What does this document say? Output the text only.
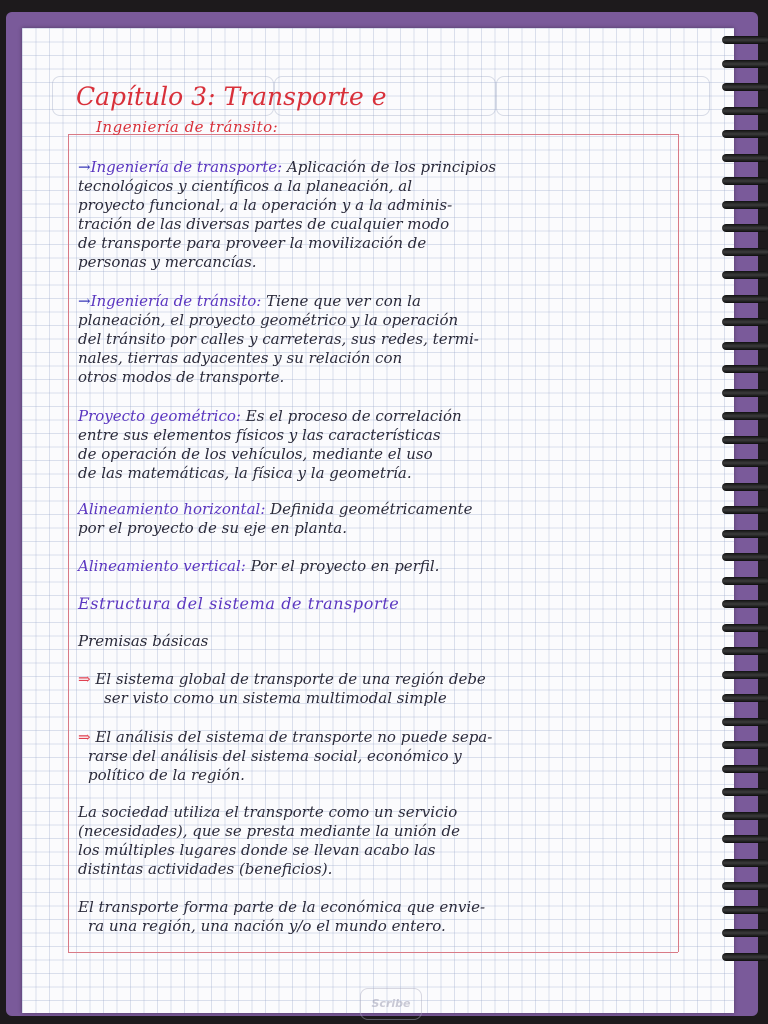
Scribe
Capítulo 3: Transporte e
Ingeniería de tránsito:
→Ingeniería de transporte: Aplicación de los principios
tecnológicos y científicos a la planeación, al
proyecto funcional, a la operación y a la adminis-
tración de las diversas partes de cualquier modo
de transporte para proveer la movilización de
personas y mercancías.
→Ingeniería de tránsito: Tiene que ver con la
planeación, el proyecto geométrico y la operación
del tránsito por calles y carreteras, sus redes, termi-
nales, tierras adyacentes y su relación con
otros modos de transporte.
Proyecto geométrico: Es el proceso de correlación
entre sus elementos físicos y las características
de operación de los vehículos, mediante el uso
de las matemáticas, la física y la geometría.
Alineamiento horizontal: Definida geométricamente
por el proyecto de su eje en planta.
Alineamiento vertical: Por el proyecto en perfil.
Estructura del sistema de transporte
Premisas básicas
⇒ El sistema global de transporte de una región debe
ser visto como un sistema multimodal simple
⇒ El análisis del sistema de transporte no puede sepa-
rarse del análisis del sistema social, económico y
político de la región.
La sociedad utiliza el transporte como un servicio
(necesidades), que se presta mediante la unión de
los múltiples lugares donde se llevan acabo las
distintas actividades (beneficios).
El transporte forma parte de la económica que envie-
ra una región, una nación y/o el mundo entero.
